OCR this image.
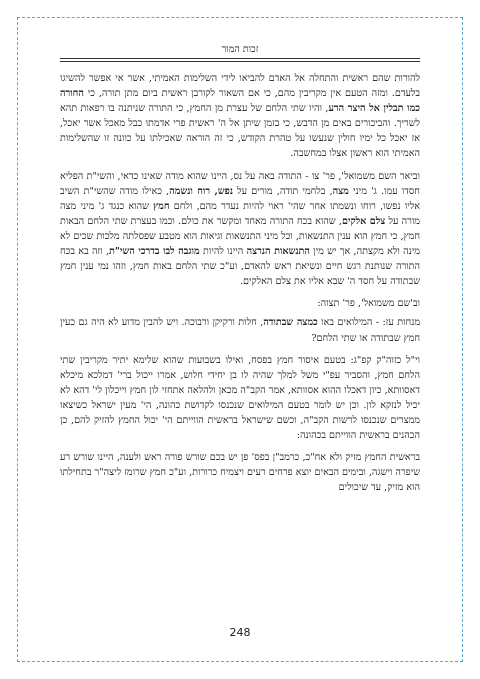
זכות המור

להורות שהם ראשית והתחלה אל האדם להביאו לידי השלימות האמיתי, אשר אי אפשר להשיגו בלעדם. ומזה הטעם אין מקריבין מהם, כי אם השאור לקורבן ראשית ביום מתן תורה, כי החורה כמו תבלין אל היצר הרע, והיו שתי הלחם של עצרת מן החמץ, כי התורה שניתנה בו רפאות תהא לשריך. והביכורים באים מן הדבש, כי בזמן שיתן אל ה' ראשית פרי אדמתו כבל מאכל אשר יאכל, אז יאכל כל ימיו חולין שנעשו על טהרת הקודש, כי זה הוראה שאכילתו על כוונה זו שהשלימות האמיתי הוא ראשון אצלו במחשבה.

וביאר השם משמואל', פר' צו - התודה באה על נס, היינו שהוא מודה שאינו כדאי, והשי"ת הפליא חסדו עמו. ג' מיני מצה, בלחמי תודה, מורים על נפש, רוח ונשמה, כאילו מודה שהשי"ת השיב אליו נפשו, רוחו ונשמתו אחר שהי' ראוי להיות נעדר מהם, ולחם חמץ שהוא כנגד ג' מיני מצה מורה על צלם אלקים, שהוא בכח התורה מאחד ומקשר את כולם. וכמו בעצרת שתי הלחם הבאות חמץ, כי חמץ הוא ענין התנשאות, וכל מיני התנשאות וגיאות הוא מטבע שפסלתה מלכות שכים לא מינה ולא מקצתה, אך יש מין התנשאות הנרצה היינו להיות מוגבה לבו בדרכי השי"ת, וזה בא בכח התורה שנותנת רגש חיים ונשיאת ראש להאדם, וע"כ שתי הלחם באות חמץ, וזהו נמי ענין חמץ שבתודה על חסד ה' שבא אליו את צלם האלקים.

וב'שם משמואל', פר' תצוה:

מנחות עז: - המילואים באו כמצה שבתודה, חלות ורקיקן ורבוכה. ויש להבין מדוע לא היה גם כעין חמץ שבתודה או שתי הלחם?

וי"ל כזוה"ק קפ"ג: בטעם איסור חמץ בפסח, ואילו בשבועות שהוא שלימא יתיר מקריבין שתי הלחם חמץ, והסביר עפ"י משל למלך שהיה לו בן יחידי חלוש, אמרו ייכול ברי' דמלכא מיכלא דאסוותא, כיון דאכלו ההוא אסוותא, אמר הקב"ה מכאן ולהלאה אתחזי לון חמץ וייכלון לי' דהא לא יכיל לנזקא לון. וכן יש לומר בטעם המילואים שנכנסו לקדושת כהונה, הי' מעין ישראל כשיצאו ממצרים שנכנסו לרשות הקב"ה, וכשם שישראל בראשית הווייתם הי' יכול החמץ להזיק להם, כן הכהנים בראשית הווייתם בכהונה:

בראשית החמץ מזיק ולא אח"כ, כרמב"ן בפס' פן יש בכם שורש פורה ראש ולענה, היינו שורש רע שיפרה וישגה, ובימים הבאים יוצא פרחים רעים ויצמיח כרורות, וע"כ חמץ שרומז ליצה"ר בתחילתו הוא מזיק, עד שיכולים

248
